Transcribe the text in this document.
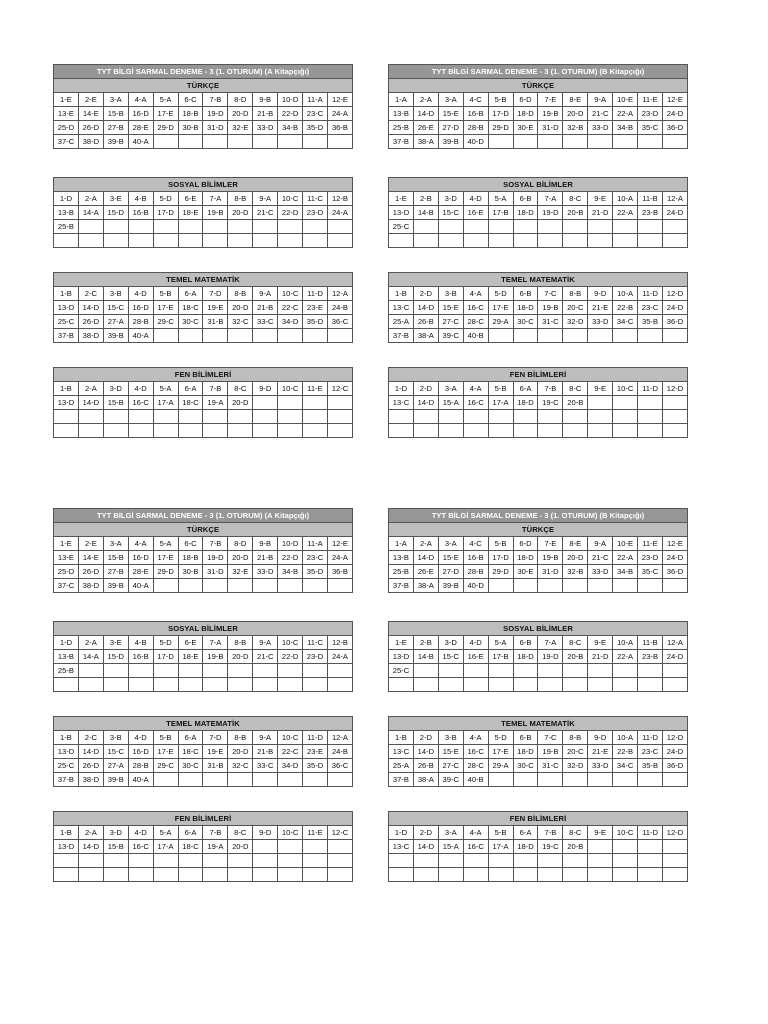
TYT BİLGİ SARMAL DENEME - 3 (1. OTURUM) (A Kitapçığı)											
TÜRKÇE											
1-E	2-E	3-A	4-A	5-A	6-C	7-B	8-D	9-B	10-D	11-A	12-E
13-E	14-E	15-B	16-D	17-E	18-B	19-D	20-D	21-B	22-D	23-C	24-A
25-D	26-D	27-B	28-E	29-D	30-B	31-D	32-E	33-D	34-B	35-D	36-B
37-C	38-D	39-B	40-A								
SOSYAL BİLİMLER											
1-D	2-A	3-E	4-B	5-D	6-E	7-A	8-B	9-A	10-C	11-C	12-B
13-B	14-A	15-D	16-B	17-D	18-E	19-B	20-D	21-C	22-D	23-D	24-A
25-B											

TEMEL MATEMATİK											
1-B	2-C	3-B	4-D	5-B	6-A	7-D	8-B	9-A	10-C	11-D	12-A
13-D	14-D	15-C	16-D	17-E	18-C	19-E	20-D	21-B	22-C	23-E	24-B
25-C	26-D	27-A	28-B	29-C	30-C	31-B	32-C	33-C	34-D	35-D	36-C
37-B	38-D	39-B	40-A								
FEN BİLİMLERİ											
1-B	2-A	3-D	4-D	5-A	6-A	7-B	8-C	9-D	10-C	11-E	12-C
13-D	14-D	15-B	16-C	17-A	18-C	19-A	20-D				

TYT BİLGİ SARMAL DENEME - 3 (1. OTURUM) (B Kitapçığı)											
TÜRKÇE											
1-A	2-A	3-A	4-C	5-B	6-D	7-E	8-E	9-A	10-E	11-E	12-E
13-B	14-D	15-E	16-B	17-D	18-D	19-B	20-D	21-C	22-A	23-D	24-D
25-B	26-E	27-D	28-B	29-D	30-E	31-D	32-B	33-D	34-B	35-C	36-D
37-B	38-A	39-B	40-D								
SOSYAL BİLİMLER											
1-E	2-B	3-D	4-D	5-A	6-B	7-A	8-C	9-E	10-A	11-B	12-A
13-D	14-B	15-C	16-E	17-B	18-D	19-D	20-B	21-D	22-A	23-B	24-D
25-C											

TEMEL MATEMATİK											
1-B	2-D	3-B	4-A	5-D	6-B	7-C	8-B	9-D	10-A	11-D	12-D
13-C	14-D	15-E	16-C	17-E	18-D	19-B	20-C	21-E	22-B	23-C	24-D
25-A	26-B	27-C	28-C	29-A	30-C	31-C	32-D	33-D	34-C	35-B	36-D
37-B	38-A	39-C	40-B								
FEN BİLİMLERİ											
1-D	2-D	3-A	4-A	5-B	6-A	7-B	8-C	9-E	10-C	11-D	12-D
13-C	14-D	15-A	16-C	17-A	18-D	19-C	20-B				

TYT BİLGİ SARMAL DENEME - 3 (1. OTURUM) (A Kitapçığı)											
TÜRKÇE											
1-E	2-E	3-A	4-A	5-A	6-C	7-B	8-D	9-B	10-D	11-A	12-E
13-E	14-E	15-B	16-D	17-E	18-B	19-D	20-D	21-B	22-D	23-C	24-A
25-D	26-D	27-B	28-E	29-D	30-B	31-D	32-E	33-D	34-B	35-D	36-B
37-C	38-D	39-B	40-A								
SOSYAL BİLİMLER											
1-D	2-A	3-E	4-B	5-D	6-E	7-A	8-B	9-A	10-C	11-C	12-B
13-B	14-A	15-D	16-B	17-D	18-E	19-B	20-D	21-C	22-D	23-D	24-A
25-B											

TEMEL MATEMATİK											
1-B	2-C	3-B	4-D	5-B	6-A	7-D	8-B	9-A	10-C	11-D	12-A
13-D	14-D	15-C	16-D	17-E	18-C	19-E	20-D	21-B	22-C	23-E	24-B
25-C	26-D	27-A	28-B	29-C	30-C	31-B	32-C	33-C	34-D	35-D	36-C
37-B	38-D	39-B	40-A								
FEN BİLİMLERİ											
1-B	2-A	3-D	4-D	5-A	6-A	7-B	8-C	9-D	10-C	11-E	12-C
13-D	14-D	15-B	16-C	17-A	18-C	19-A	20-D				

TYT BİLGİ SARMAL DENEME - 3 (1. OTURUM) (B Kitapçığı)											
TÜRKÇE											
1-A	2-A	3-A	4-C	5-B	6-D	7-E	8-E	9-A	10-E	11-E	12-E
13-B	14-D	15-E	16-B	17-D	18-D	19-B	20-D	21-C	22-A	23-D	24-D
25-B	26-E	27-D	28-B	29-D	30-E	31-D	32-B	33-D	34-B	35-C	36-D
37-B	38-A	39-B	40-D								
SOSYAL BİLİMLER											
1-E	2-B	3-D	4-D	5-A	6-B	7-A	8-C	9-E	10-A	11-B	12-A
13-D	14-B	15-C	16-E	17-B	18-D	19-D	20-B	21-D	22-A	23-B	24-D
25-C											

TEMEL MATEMATİK											
1-B	2-D	3-B	4-A	5-D	6-B	7-C	8-B	9-D	10-A	11-D	12-D
13-C	14-D	15-E	16-C	17-E	18-D	19-B	20-C	21-E	22-B	23-C	24-D
25-A	26-B	27-C	28-C	29-A	30-C	31-C	32-D	33-D	34-C	35-B	36-D
37-B	38-A	39-C	40-B								
FEN BİLİMLERİ											
1-D	2-D	3-A	4-A	5-B	6-A	7-B	8-C	9-E	10-C	11-D	12-D
13-C	14-D	15-A	16-C	17-A	18-D	19-C	20-B				
